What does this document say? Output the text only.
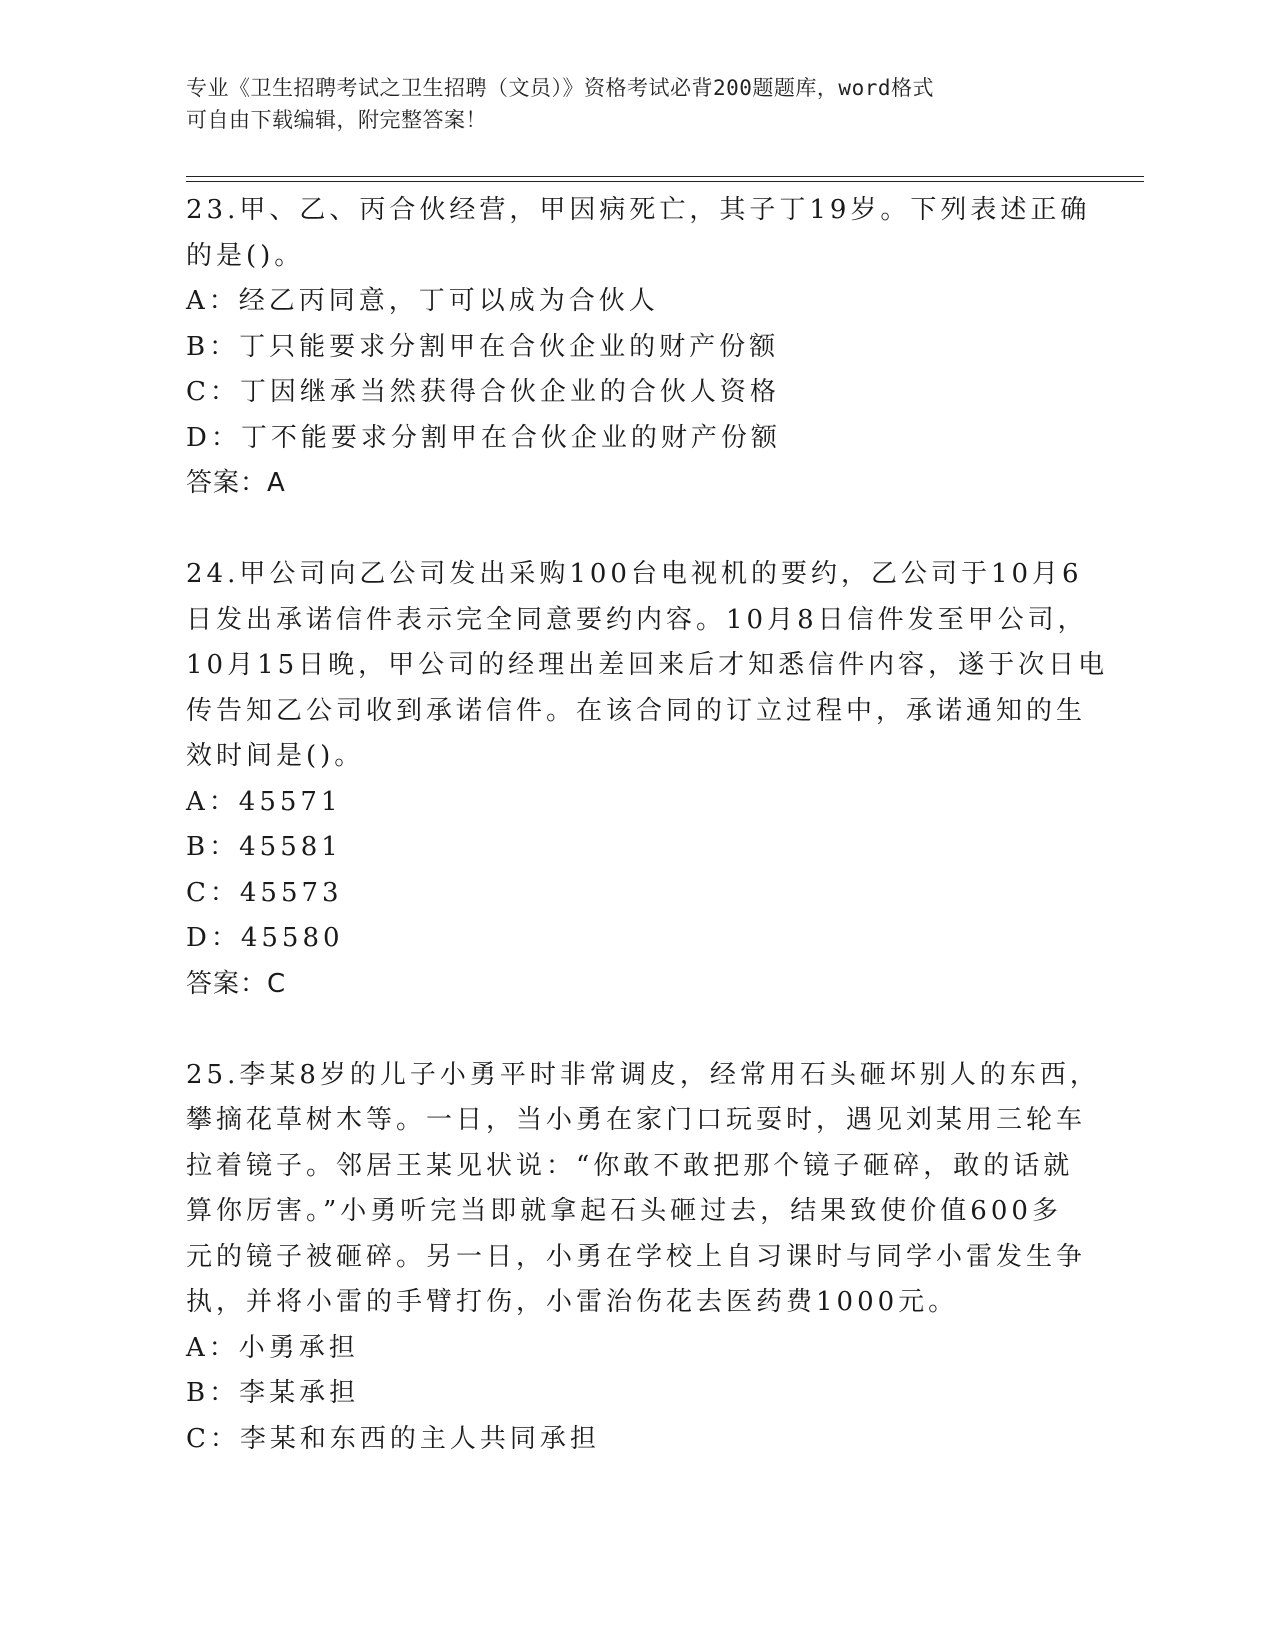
专业《卫生招聘考试之卫生招聘（文员）》资格考试必背200题题库，word格式
可自由下载编辑，附完整答案！
23.甲、乙、丙合伙经营，甲因病死亡，其子丁19岁。下列表述正确
的是()。
A：经乙丙同意，丁可以成为合伙人
B：丁只能要求分割甲在合伙企业的财产份额
C：丁因继承当然获得合伙企业的合伙人资格
D：丁不能要求分割甲在合伙企业的财产份额
答案：A
24.甲公司向乙公司发出采购100台电视机的要约，乙公司于10月6
日发出承诺信件表示完全同意要约内容。10月8日信件发至甲公司，
10月15日晚，甲公司的经理出差回来后才知悉信件内容，遂于次日电
传告知乙公司收到承诺信件。在该合同的订立过程中，承诺通知的生
效时间是()。
A：45571
B：45581
C：45573
D：45580
答案：C
25.李某8岁的儿子小勇平时非常调皮，经常用石头砸坏别人的东西，
攀摘花草树木等。一日，当小勇在家门口玩耍时，遇见刘某用三轮车
拉着镜子。邻居王某见状说：“你敢不敢把那个镜子砸碎，敢的话就
算你厉害。”小勇听完当即就拿起石头砸过去，结果致使价值600多
元的镜子被砸碎。另一日，小勇在学校上自习课时与同学小雷发生争
执，并将小雷的手臂打伤，小雷治伤花去医药费1000元。
A：小勇承担
B：李某承担
C：李某和东西的主人共同承担
